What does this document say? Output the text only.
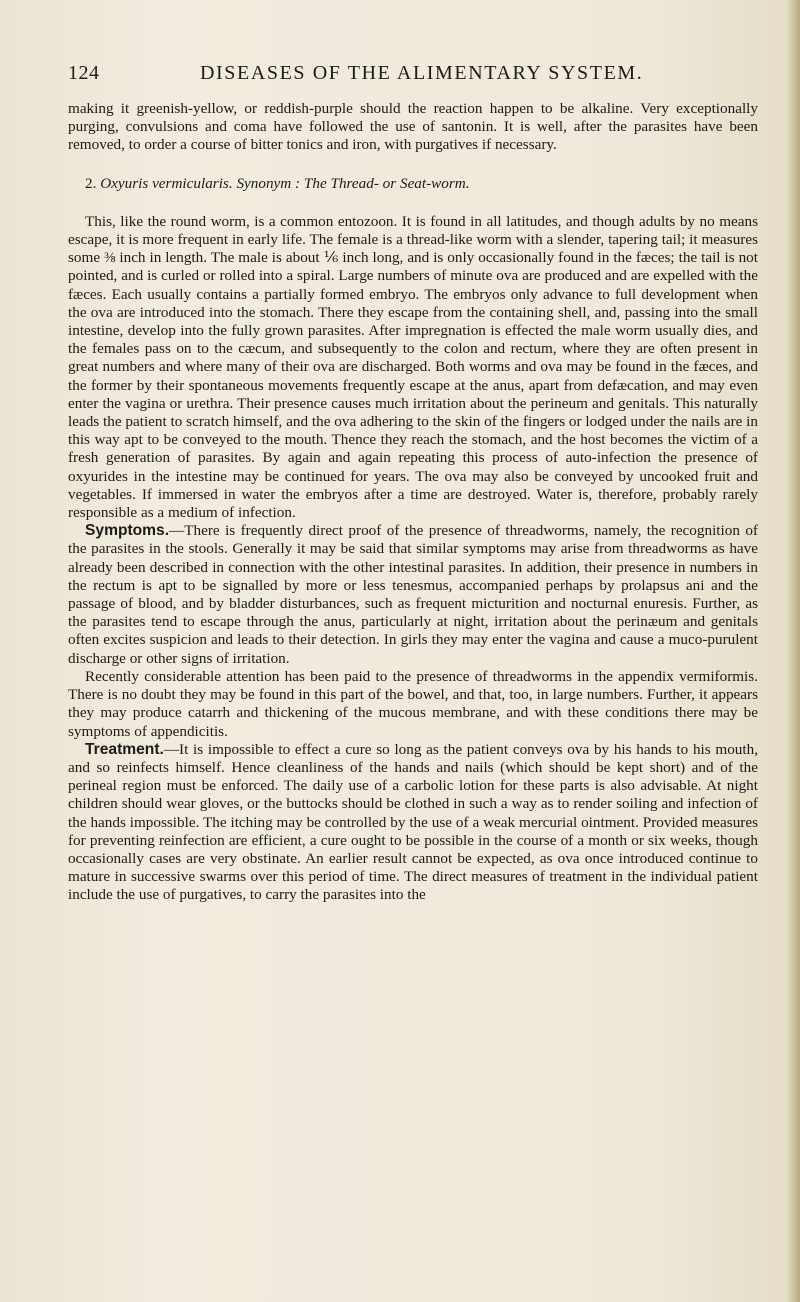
124	DISEASES OF THE ALIMENTARY SYSTEM.

making it greenish-yellow, or reddish-purple should the reaction happen to be alkaline. Very exceptionally purging, convulsions and coma have followed the use of santonin. It is well, after the parasites have been removed, to order a course of bitter tonics and iron, with purgatives if necessary.

2. Oxyuris vermicularis. Synonym : The Thread- or Seat-worm.

This, like the round worm, is a common entozoon. It is found in all latitudes, and though adults by no means escape, it is more frequent in early life. The female is a thread-like worm with a slender, tapering tail; it measures some ⅜ inch in length. The male is about ⅙ inch long, and is only occasionally found in the fæces; the tail is not pointed, and is curled or rolled into a spiral. Large numbers of minute ova are produced and are expelled with the fæces. Each usually contains a partially formed embryo. The embryos only advance to full development when the ova are introduced into the stomach. There they escape from the containing shell, and, passing into the small intestine, develop into the fully grown parasites. After impregnation is effected the male worm usually dies, and the females pass on to the cæcum, and subsequently to the colon and rectum, where they are often present in great numbers and where many of their ova are discharged. Both worms and ova may be found in the fæces, and the former by their spontaneous movements frequently escape at the anus, apart from defæcation, and may even enter the vagina or urethra. Their presence causes much irritation about the perineum and genitals. This naturally leads the patient to scratch himself, and the ova adhering to the skin of the fingers or lodged under the nails are in this way apt to be conveyed to the mouth. Thence they reach the stomach, and the host becomes the victim of a fresh generation of parasites. By again and again repeating this process of auto-infection the presence of oxyurides in the intestine may be continued for years. The ova may also be conveyed by uncooked fruit and vegetables. If immersed in water the embryos after a time are destroyed. Water is, therefore, probably rarely responsible as a medium of infection.

Symptoms.—There is frequently direct proof of the presence of threadworms, namely, the recognition of the parasites in the stools. Generally it may be said that similar symptoms may arise from threadworms as have already been described in connection with the other intestinal parasites. In addition, their presence in numbers in the rectum is apt to be signalled by more or less tenesmus, accompanied perhaps by prolapsus ani and the passage of blood, and by bladder disturbances, such as frequent micturition and nocturnal enuresis. Further, as the parasites tend to escape through the anus, particularly at night, irritation about the perinæum and genitals often excites suspicion and leads to their detection. In girls they may enter the vagina and cause a muco-purulent discharge or other signs of irritation.

Recently considerable attention has been paid to the presence of threadworms in the appendix vermiformis. There is no doubt they may be found in this part of the bowel, and that, too, in large numbers. Further, it appears they may produce catarrh and thickening of the mucous membrane, and with these conditions there may be symptoms of appendicitis.

Treatment.—It is impossible to effect a cure so long as the patient conveys ova by his hands to his mouth, and so reinfects himself. Hence cleanliness of the hands and nails (which should be kept short) and of the perineal region must be enforced. The daily use of a carbolic lotion for these parts is also advisable. At night children should wear gloves, or the buttocks should be clothed in such a way as to render soiling and infection of the hands impossible. The itching may be controlled by the use of a weak mercurial ointment. Provided measures for preventing reinfection are efficient, a cure ought to be possible in the course of a month or six weeks, though occasionally cases are very obstinate. An earlier result cannot be expected, as ova once introduced continue to mature in successive swarms over this period of time. The direct measures of treatment in the individual patient include the use of purgatives, to carry the parasites into the
